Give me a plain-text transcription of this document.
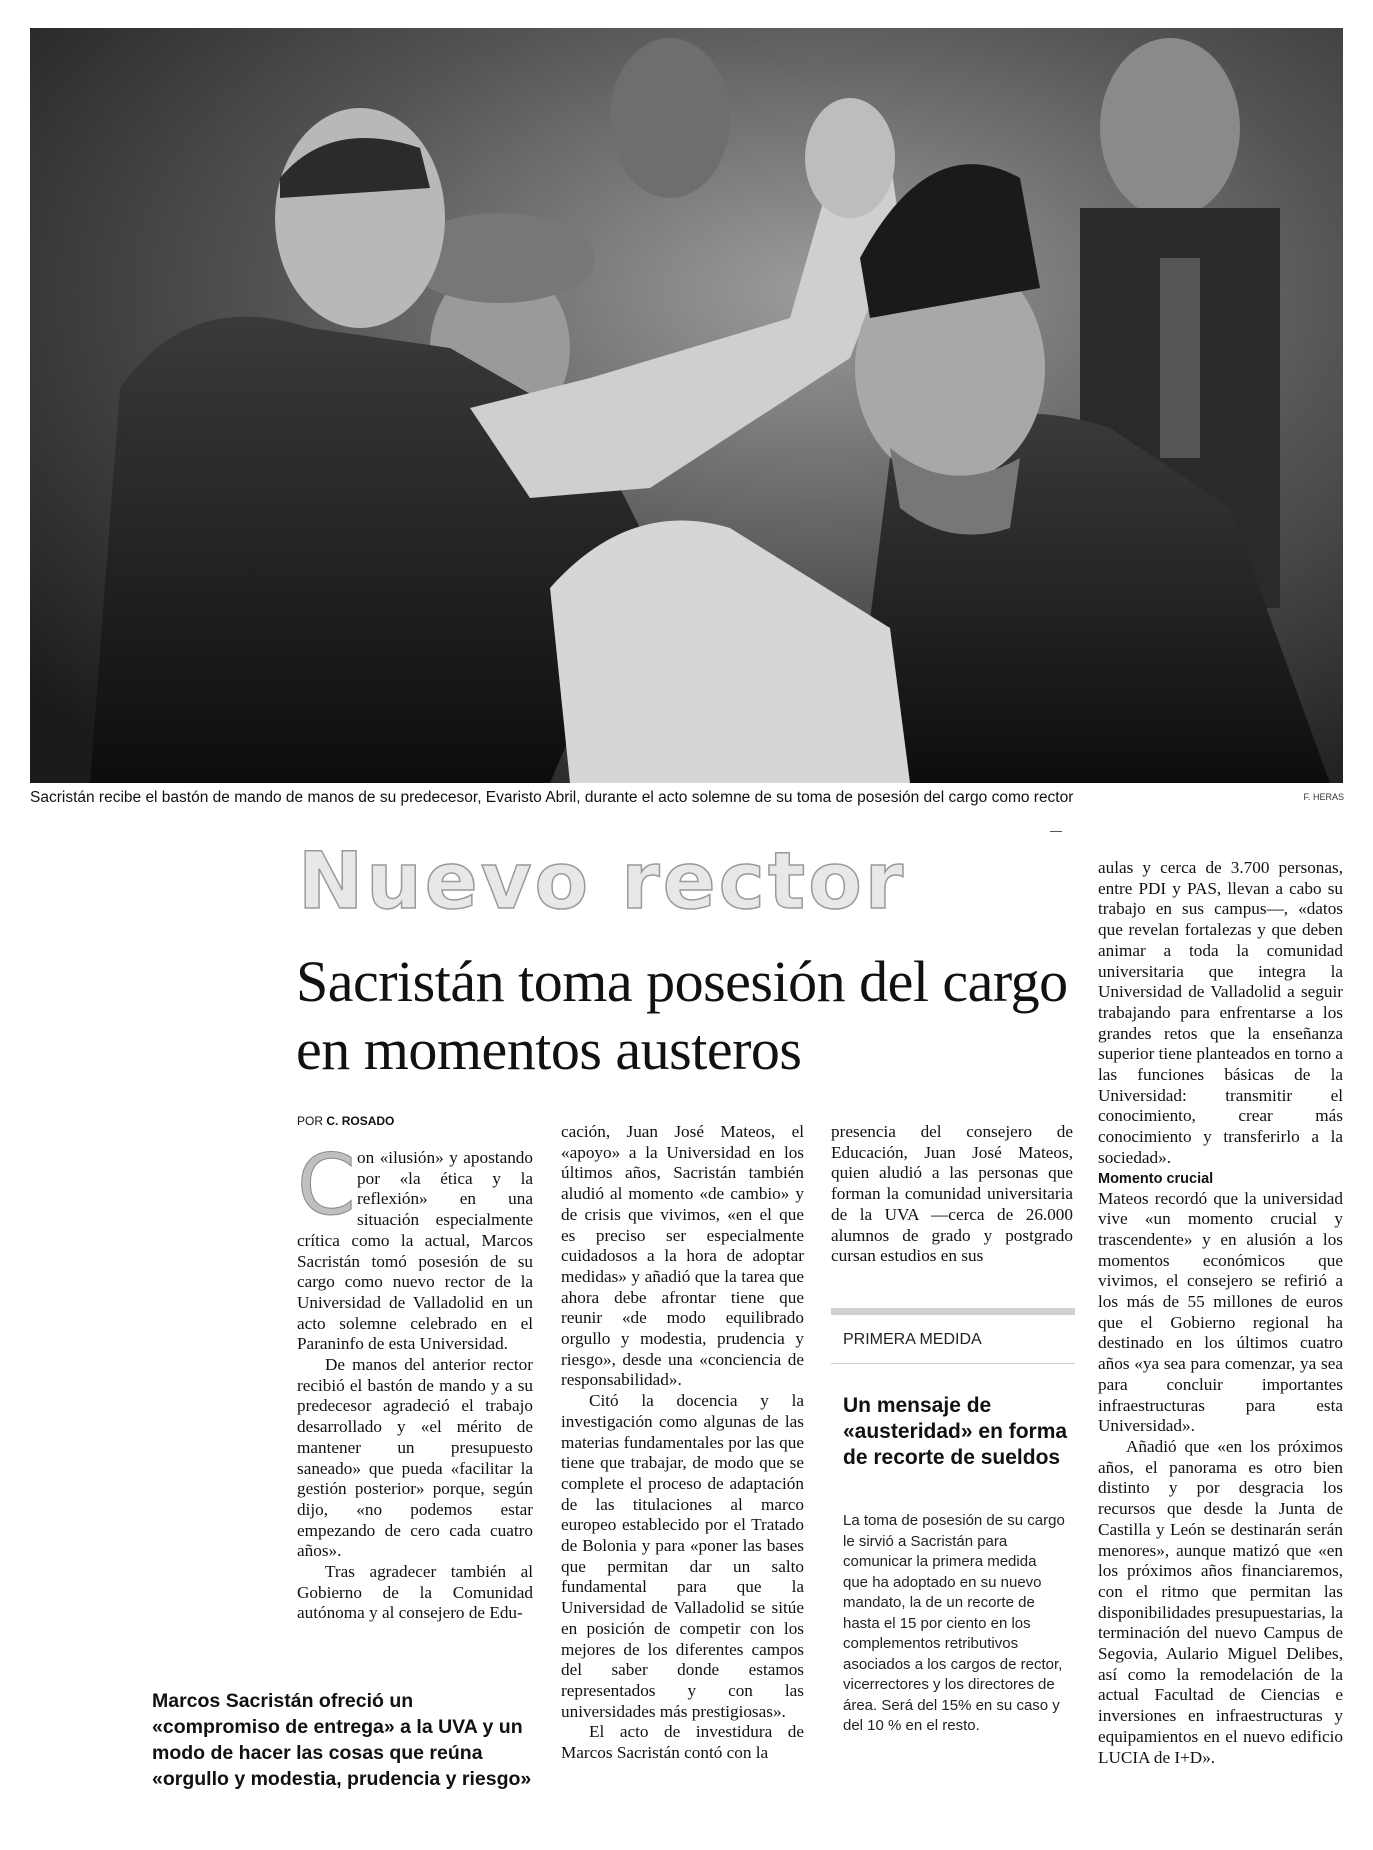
Sacristán recibe el bastón de mando de manos de su predecesor, Evaristo Abril, durante el acto solemne de su toma de posesión del cargo como rector	F. HERAS
Nuevo rector
Sacristán toma posesión del cargo en momentos austeros
POR C. ROSADO

Con «ilusión» y apostando por «la ética y la reflexión» en una situación especialmente crítica como la actual, Marcos Sacristán tomó posesión de su cargo como nuevo rector de la Universidad de Valladolid en un acto solemne celebrado en el Paraninfo de esta Universidad.

De manos del anterior rector recibió el bastón de mando y a su predecesor agradeció el trabajo desarrollado y «el mérito de mantener un presupuesto saneado» que pueda «facilitar la gestión posterior» porque, según dijo, «no podemos estar empezando de cero cada cuatro años».

Tras agradecer también al Gobierno de la Comunidad autónoma y al consejero de Edu-

cación, Juan José Mateos, el «apoyo» a la Universidad en los últimos años, Sacristán también aludió al momento «de cambio» y de crisis que vivimos, «en el que es preciso ser especialmente cuidadosos a la hora de adoptar medidas» y añadió que la tarea que ahora debe afrontar tiene que reunir «de modo equilibrado orgullo y modestia, prudencia y riesgo», desde una «conciencia de responsabilidad».

Citó la docencia y la investigación como algunas de las materias fundamentales por las que tiene que trabajar, de modo que se complete el proceso de adaptación de las titulaciones al marco europeo establecido por el Tratado de Bolonia y para «poner las bases que permitan dar un salto fundamental para que la Universidad de Valladolid se sitúe en posición de competir con los mejores de los diferentes campos del saber donde estamos representados y con las universidades más prestigiosas».

El acto de investidura de Marcos Sacristán contó con la

presencia del consejero de Educación, Juan José Mateos, quien aludió a las personas que forman la comunidad universitaria de la UVA —cerca de 26.000 alumnos de grado y postgrado cursan estudios en sus

aulas y cerca de 3.700 personas, entre PDI y PAS, llevan a cabo su trabajo en sus campus—, «datos que revelan fortalezas y que deben animar a toda la comunidad universitaria que integra la Universidad de Valladolid a seguir trabajando para enfrentarse a los grandes retos que la enseñanza superior tiene planteados en torno a las funciones básicas de la Universidad: transmitir el conocimiento, crear más conocimiento y transferirlo a la sociedad».

Momento crucial

Mateos recordó que la universidad vive «un momento crucial y trascendente» y en alusión a los momentos económicos que vivimos, el consejero se refirió a los más de 55 millones de euros que el Gobierno regional ha destinado en los últimos cuatro años «ya sea para comenzar, ya sea para concluir importantes infraestructuras para esta Universidad».

Añadió que «en los próximos años, el panorama es otro bien distinto y por desgracia los recursos que desde la Junta de Castilla y León se destinarán serán menores», aunque matizó que «en los próximos años financiaremos, con el ritmo que permitan las disponibilidades presupuestarias, la terminación del nuevo Campus de Segovia, Aulario Miguel Delibes, así como la remodelación de la actual Facultad de Ciencias e inversiones en infraestructuras y equipamientos en el nuevo edificio LUCIA de I+D».

Marcos Sacristán ofreció un «compromiso de entrega» a la UVA y un modo de hacer las cosas que reúna «orgullo y modestia, prudencia y riesgo»
PRIMERA MEDIDA
Un mensaje de «austeridad» en forma de recorte de sueldos
La toma de posesión de su cargo le sirvió a Sacristán para comunicar la primera medida que ha adoptado en su nuevo mandato, la de un recorte de hasta el 15 por ciento en los complementos retributivos asociados a los cargos de rector, vicerrectores y los directores de área. Será del 15% en su caso y del 10 % en el resto.
